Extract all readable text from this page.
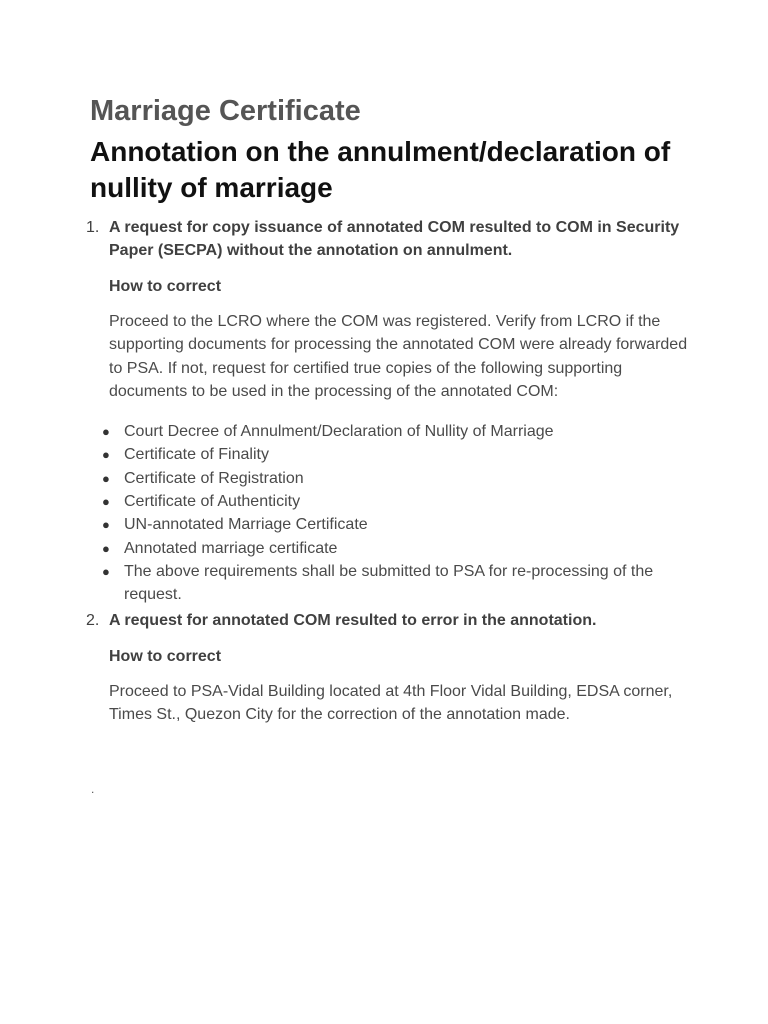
Marriage Certificate
Annotation on the annulment/declaration of nullity of marriage
1. A request for copy issuance of annotated COM resulted to COM in Security Paper (SECPA) without the annotation on annulment.

How to correct

Proceed to the LCRO where the COM was registered. Verify from LCRO if the supporting documents for processing the annotated COM were already forwarded to PSA. If not, request for certified true copies of the following supporting documents to be used in the processing of the annotated COM:

● Court Decree of Annulment/Declaration of Nullity of Marriage
● Certificate of Finality
● Certificate of Registration
● Certificate of Authenticity
● UN-annotated Marriage Certificate
● Annotated marriage certificate
● The above requirements shall be submitted to PSA for re-processing of the request.
2. A request for annotated COM resulted to error in the annotation.

How to correct

Proceed to PSA-Vidal Building located at 4th Floor Vidal Building, EDSA corner, Times St., Quezon City for the correction of the annotation made.

.
